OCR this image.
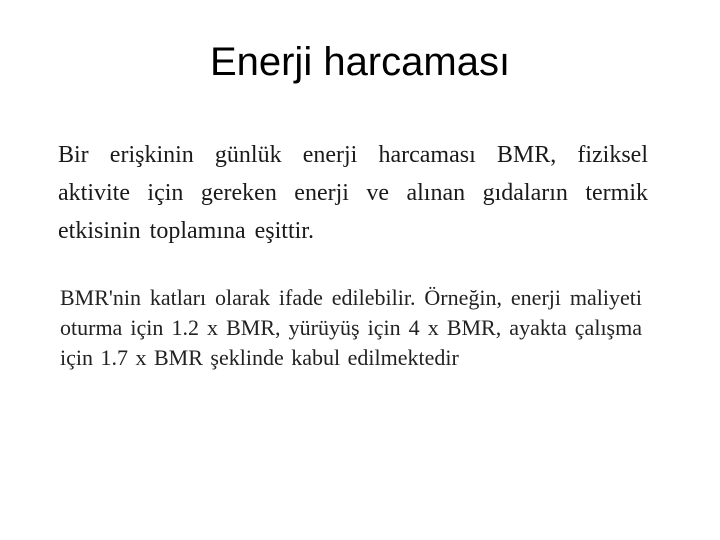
Enerji harcaması
Bir erişkinin günlük enerji harcaması BMR, fiziksel aktivite için gereken enerji ve alınan gıdaların termik etkisinin toplamına eşittir.
BMR'nin katları olarak ifade edilebilir. Örneğin, enerji maliyeti oturma için 1.2 x BMR, yürüyüş için 4 x BMR, ayakta çalışma için 1.7 x BMR şeklinde kabul edilmektedir
